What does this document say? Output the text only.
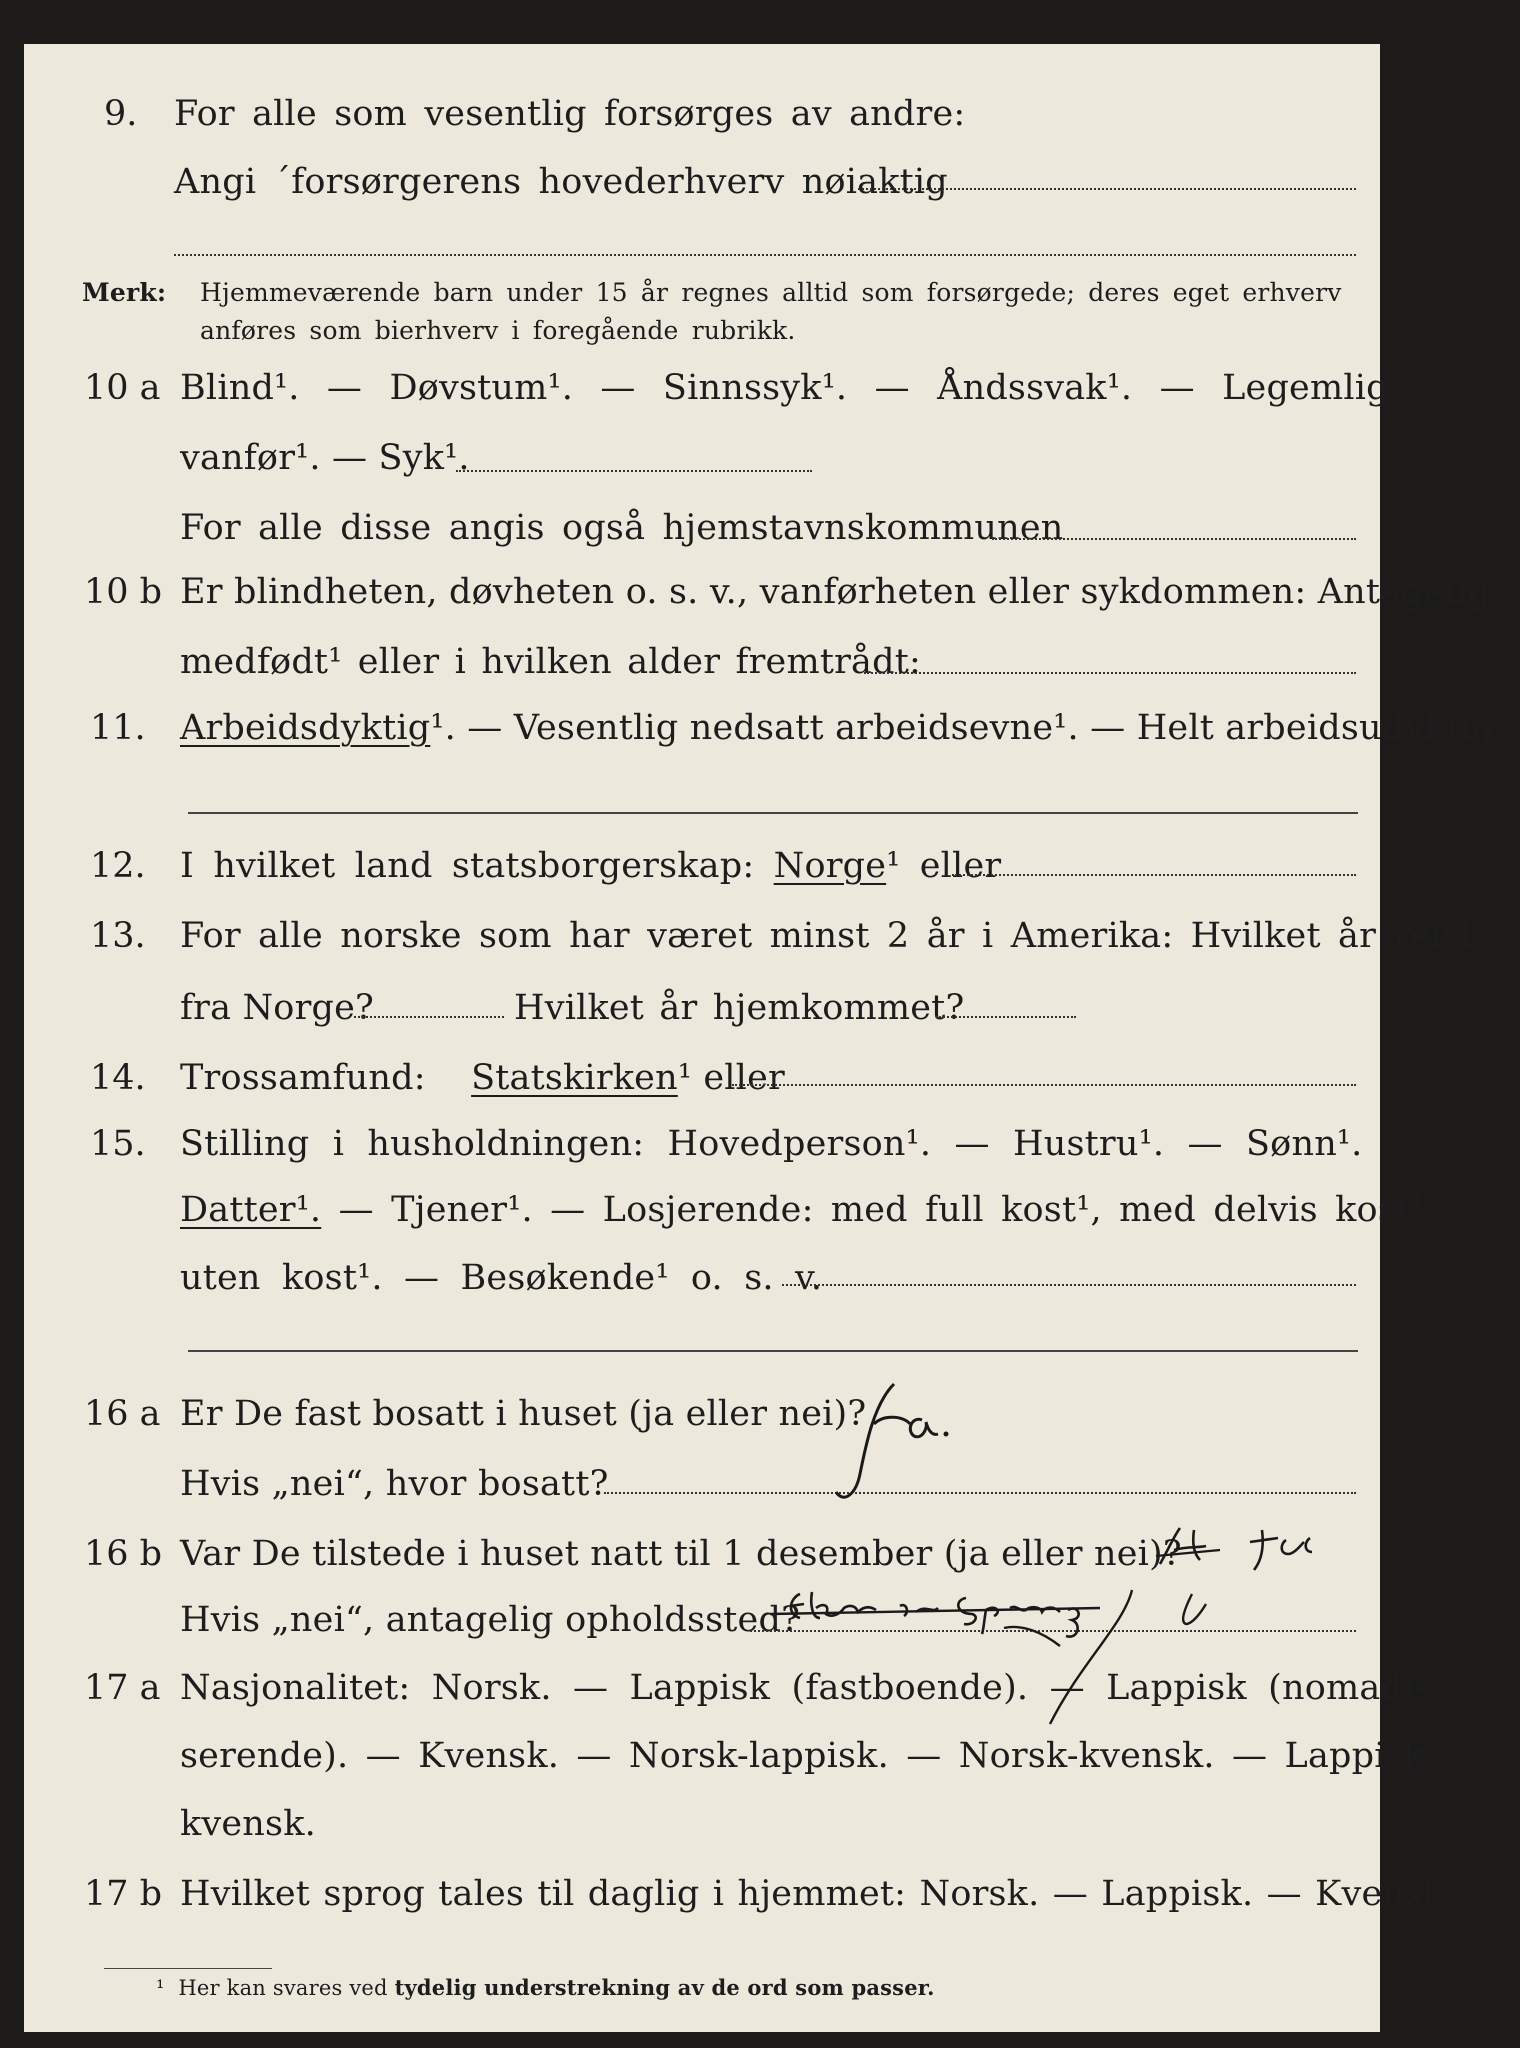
9. For alle som vesentlig forsørges av andre:
Angi ´forsørgerens hovederhverv nøiaktig
Merk: Hjemmeværende barn under 15 år regnes alltid som forsørgede; deres eget erhverv
anføres som bierhverv i foregående rubrikk.
10 a Blind¹. — Døvstum¹. — Sinnssyk¹. — Åndssvak¹. — Legemlig
vanfør¹. — Syk¹.
For alle disse angis også hjemstavnskommunen
10 b Er blindheten, døvheten o. s. v., vanførheten eller sykdommen: Antagelig
medfødt¹ eller i hvilken alder fremtrådt:
11. Arbeidsdyktig¹. — Vesentlig nedsatt arbeidsevne¹. — Helt arbeidsudyktig¹.
12. I hvilket land statsborgerskap: Norge¹ eller
13. For alle norske som har været minst 2 år i Amerika: Hvilket år reist
fra Norge?	Hvilket år hjemkommet?
14. Trossamfund: Statskirken¹ eller
15. Stilling i husholdningen: Hovedperson¹. — Hustru¹. — Sønn¹. —
Datter¹. — Tjener¹. — Losjerende: med full kost¹, med delvis kost¹,
uten kost¹. — Besøkende¹ o. s. v.
16 a Er De fast bosatt i huset (ja eller nei)?
Hvis „nei“, hvor bosatt?
16 b Var De tilstede i huset natt til 1 desember (ja eller nei)?
Hvis „nei“, antagelig opholdssted?
17 a Nasjonalitet: Norsk. — Lappisk (fastboende). — Lappisk (nomadi-
serende). — Kvensk. — Norsk-lappisk. — Norsk-kvensk. — Lappisk-
kvensk.
17 b Hvilket sprog tales til daglig i hjemmet: Norsk. — Lappisk. — Kvensk.
¹ Her kan svares ved tydelig understrekning av de ord som passer.
